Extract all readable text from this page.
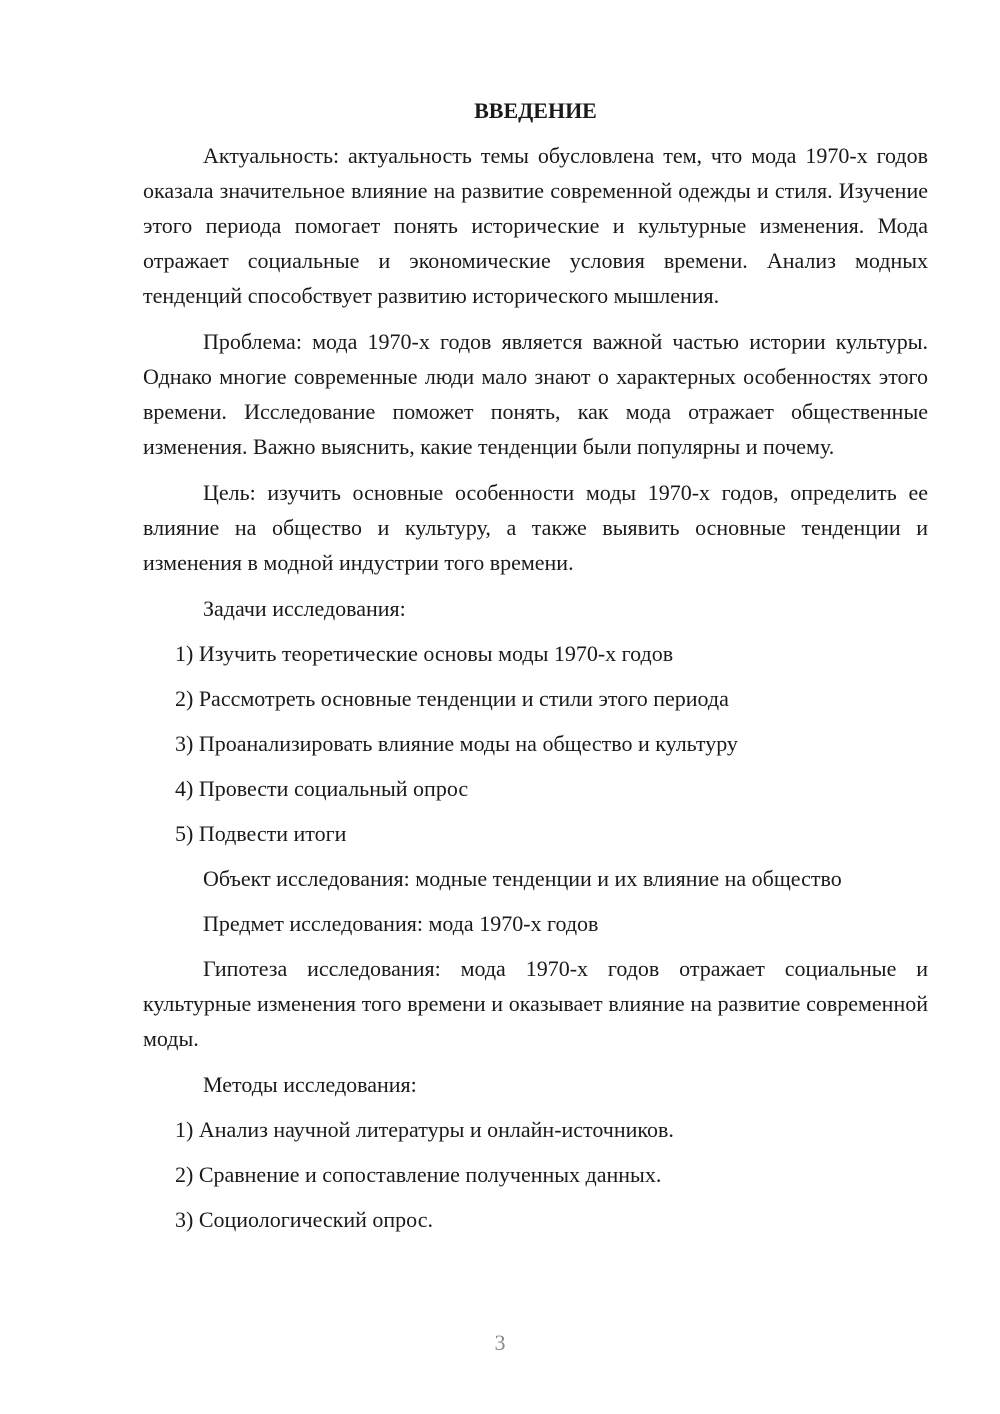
ВВЕДЕНИЕ

Актуальность: актуальность темы обусловлена тем, что мода 1970-х годов оказала значительное влияние на развитие современной одежды и стиля. Изучение этого периода помогает понять исторические и культурные изменения. Мода отражает социальные и экономические условия времени. Анализ модных тенденций способствует развитию исторического мышления.

Проблема: мода 1970-х годов является важной частью истории культуры. Однако многие современные люди мало знают о характерных особенностях этого времени. Исследование поможет понять, как мода отражает общественные изменения. Важно выяснить, какие тенденции были популярны и почему.

Цель: изучить основные особенности моды 1970-х годов, определить ее влияние на общество и культуру, а также выявить основные тенденции и изменения в модной индустрии того времени.

Задачи исследования:
1) Изучить теоретические основы моды 1970-х годов
2) Рассмотреть основные тенденции и стили этого периода
3) Проанализировать влияние моды на общество и культуру
4) Провести социальный опрос
5) Подвести итоги
Объект исследования: модные тенденции и их влияние на общество
Предмет исследования: мода 1970-х годов

Гипотеза исследования: мода 1970-х годов отражает социальные и культурные изменения того времени и оказывает влияние на развитие современной моды.

Методы исследования:
1) Анализ научной литературы и онлайн-источников.
2) Сравнение и сопоставление полученных данных.
3) Социологический опрос.
3
